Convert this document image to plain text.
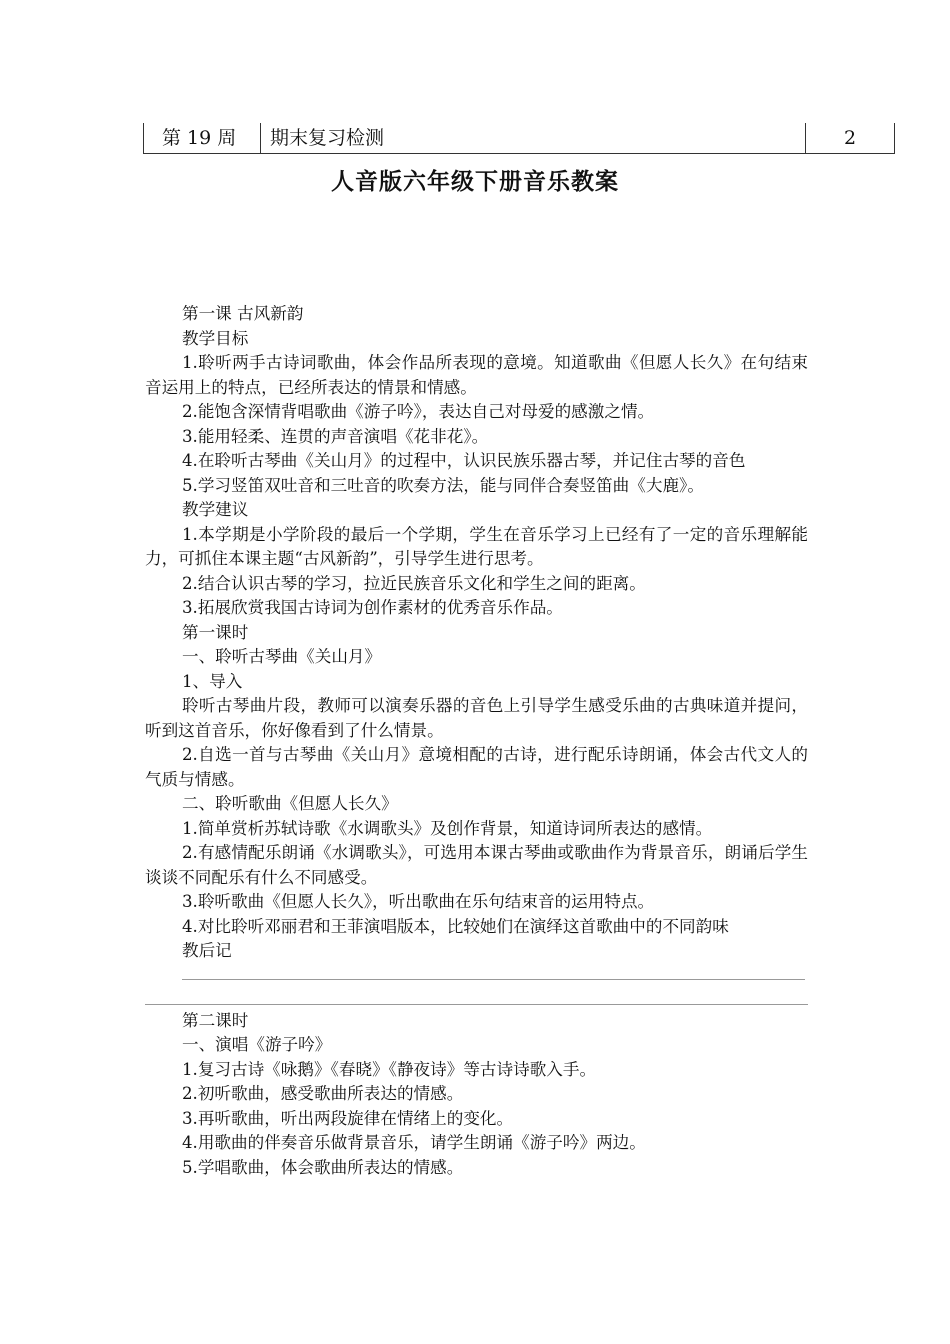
第 19 周 期末复习检测	2
人音版六年级下册音乐教案

第一课 古风新韵

教学目标

1.聆听两手古诗词歌曲，体会作品所表现的意境。知道歌曲《但愿人长久》在句结束音运用上的特点，已经所表达的情景和情感。

2.能饱含深情背唱歌曲《游子吟》，表达自己对母爱的感激之情。

3.能用轻柔、连贯的声音演唱《花非花》。

4.在聆听古琴曲《关山月》的过程中，认识民族乐器古琴，并记住古琴的音色

5.学习竖笛双吐音和三吐音的吹奏方法，能与同伴合奏竖笛曲《大鹿》。

教学建议

1.本学期是小学阶段的最后一个学期，学生在音乐学习上已经有了一定的音乐理解能力，可抓住本课主题“古风新韵”，引导学生进行思考。

2.结合认识古琴的学习，拉近民族音乐文化和学生之间的距离。

3.拓展欣赏我国古诗词为创作素材的优秀音乐作品。

第一课时

一、聆听古琴曲《关山月》

1、导入

聆听古琴曲片段，教师可以演奏乐器的音色上引导学生感受乐曲的古典味道并提问，听到这首音乐，你好像看到了什么情景。

2.自选一首与古琴曲《关山月》意境相配的古诗，进行配乐诗朗诵，体会古代文人的气质与情感。

二、聆听歌曲《但愿人长久》

1.简单赏析苏轼诗歌《水调歌头》及创作背景，知道诗词所表达的感情。

2.有感情配乐朗诵《水调歌头》，可选用本课古琴曲或歌曲作为背景音乐，朗诵后学生谈谈不同配乐有什么不同感受。

3.聆听歌曲《但愿人长久》，听出歌曲在乐句结束音的运用特点。

4.对比聆听邓丽君和王菲演唱版本，比较她们在演绎这首歌曲中的不同韵味

教后记

第二课时

一、演唱《游子吟》

1.复习古诗《咏鹅》《春晓》《静夜诗》等古诗诗歌入手。

2.初听歌曲，感受歌曲所表达的情感。

3.再听歌曲，听出两段旋律在情绪上的变化。

4.用歌曲的伴奏音乐做背景音乐，请学生朗诵《游子吟》两边。

5.学唱歌曲，体会歌曲所表达的情感。
